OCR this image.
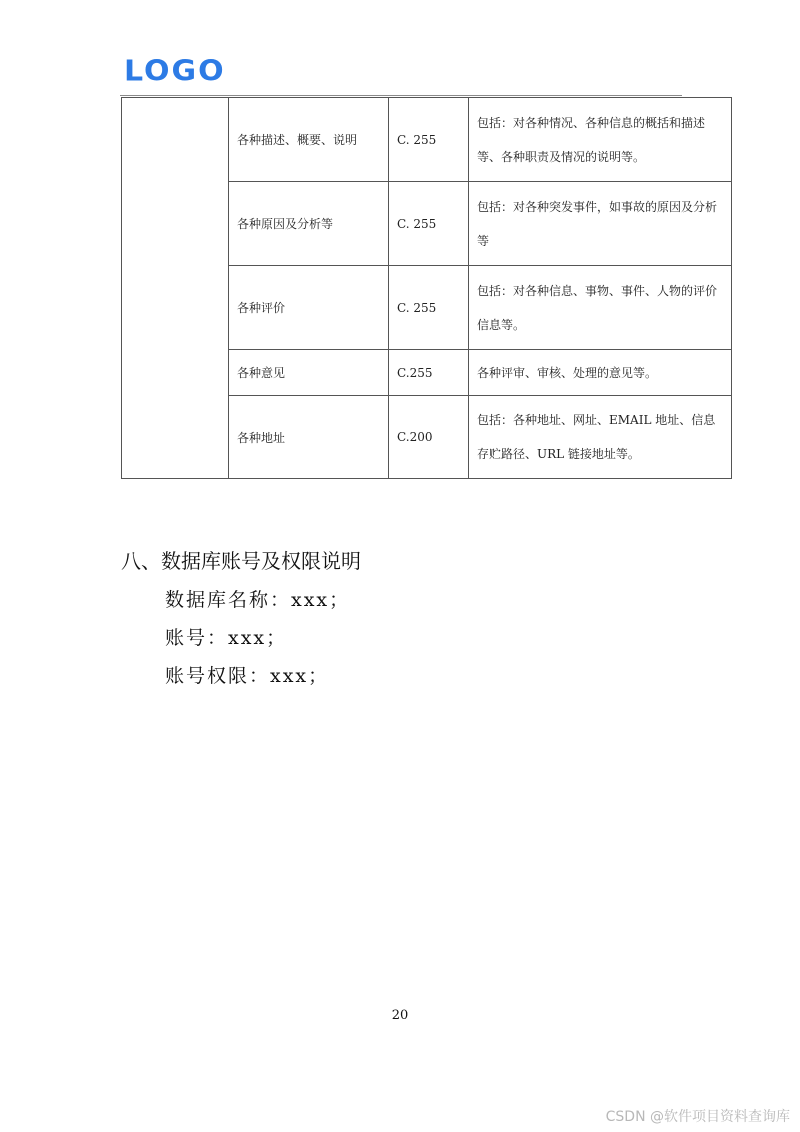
LOGO
	各种描述、概要、说明	C. 255	包括：对各种情况、各种信息的概括和描述等、各种职责及情况的说明等。
	各种原因及分析等	C. 255	包括：对各种突发事件，如事故的原因及分析等
	各种评价	C. 255	包括：对各种信息、事物、事件、人物的评价信息等。
	各种意见	C.255	各种评审、审核、处理的意见等。
	各种地址	C.200	包括：各种地址、网址、EMAIL 地址、信息存贮路径、URL 链接地址等。
八、数据库账号及权限说明
数据库名称：xxx；
账号：xxx；
账号权限：xxx；
20
CSDN @软件项目资料查询库
